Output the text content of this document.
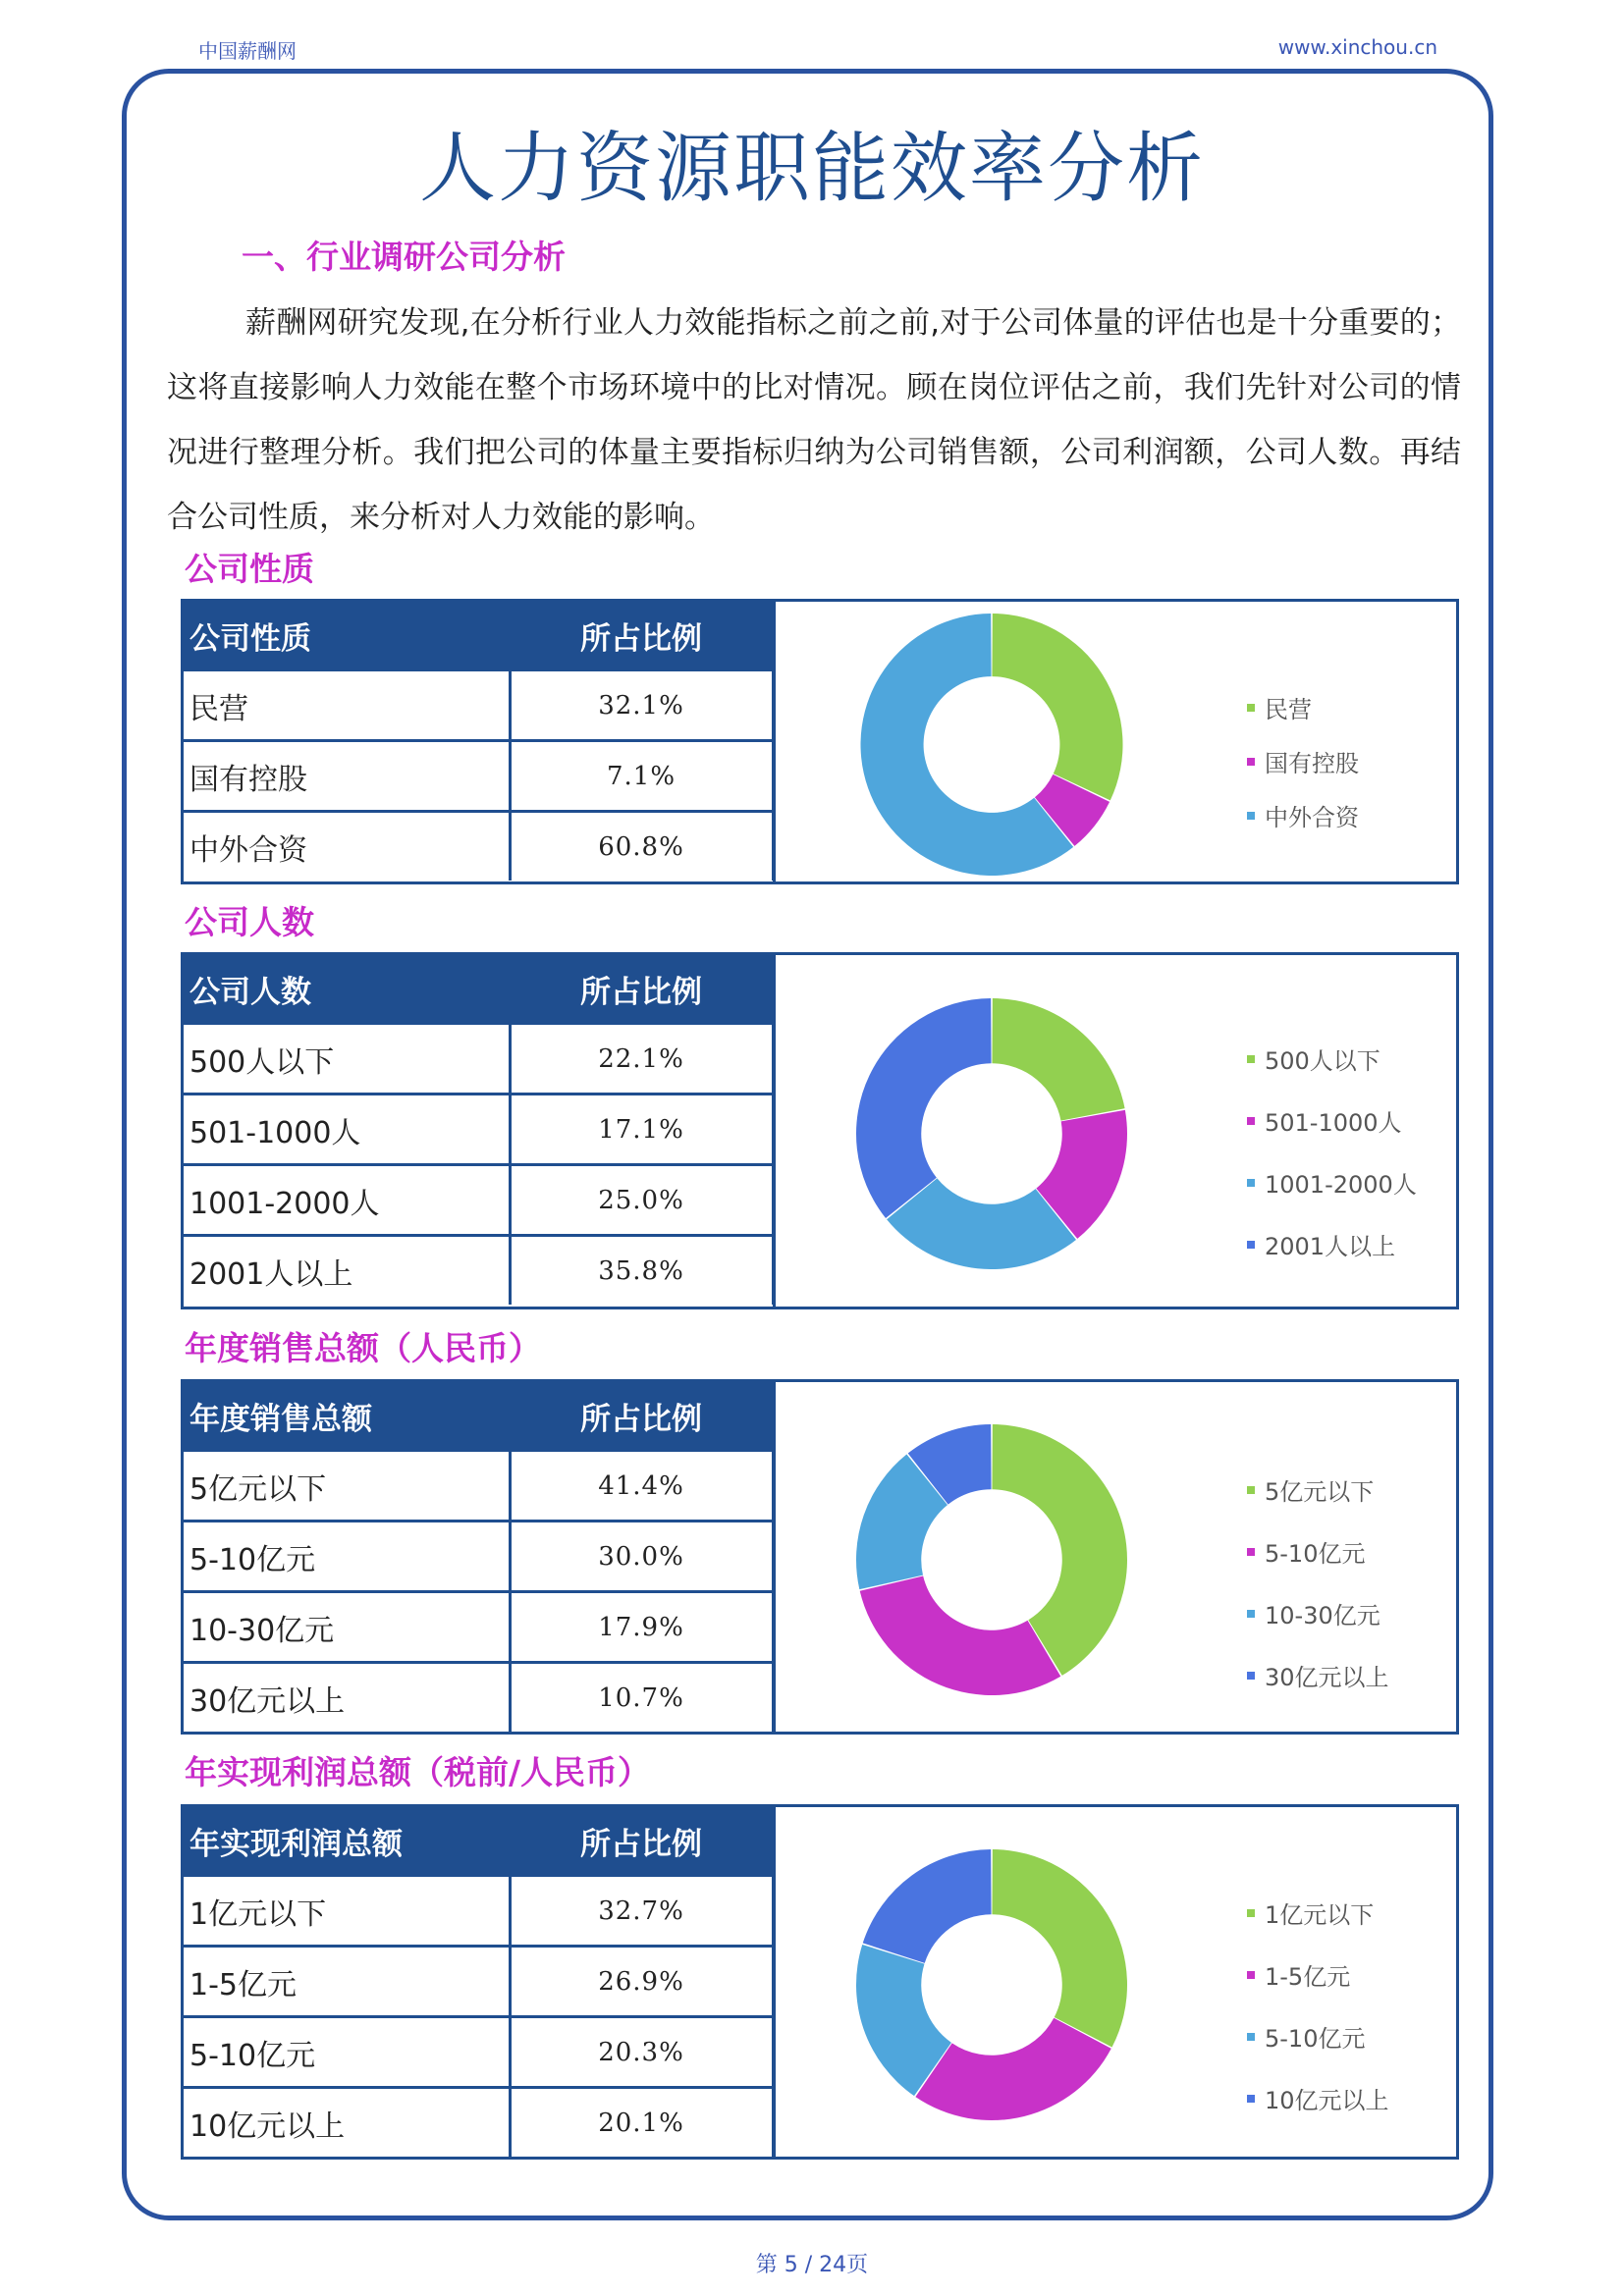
中国薪酬网	www.xinchou.cn
人力资源职能效率分析
一、行业调研公司分析

薪酬网研究发现,在分析行业人力效能指标之前之前,对于公司体量的评估也是十分重要的；这将直接影响人力效能在整个市场环境中的比对情况。顾在岗位评估之前，我们先针对公司的情况进行整理分析。我们把公司的体量主要指标归纳为公司销售额，公司利润额，公司人数。再结合公司性质，来分析对人力效能的影响。

公司性质
公司性质	所占比例
民营	32.1%
国有控股	7.1%
中外合资	60.8%
民营
国有控股
中外合资
公司人数
公司人数	所占比例
500人以下	22.1%
501-1000人	17.1%
1001-2000人	25.0%
2001人以上	35.8%
500人以下
501-1000人
1001-2000人
2001人以上
年度销售总额（人民币）
年度销售总额	所占比例
5亿元以下	41.4%
5-10亿元	30.0%
10-30亿元	17.9%
30亿元以上	10.7%
5亿元以下
5-10亿元
10-30亿元
30亿元以上
年实现利润总额（税前/人民币）
年实现利润总额	所占比例
1亿元以下	32.7%
1-5亿元	26.9%
5-10亿元	20.3%
10亿元以上	20.1%
1亿元以下
1-5亿元
5-10亿元
10亿元以上
第 5 / 24页
